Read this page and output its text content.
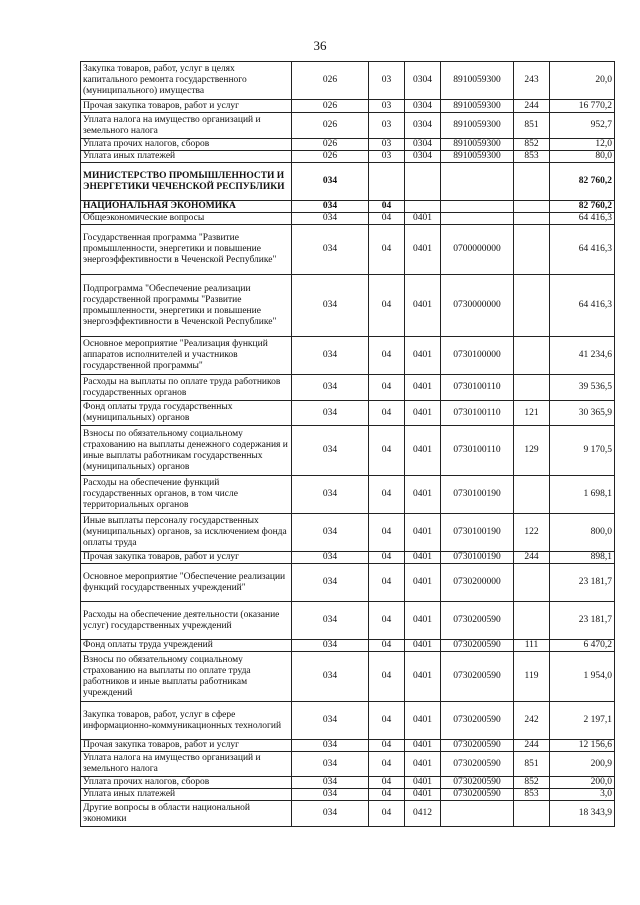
36
Закупка товаров, работ, услуг в целях капитального ремонта государственного (муниципального) имущества	026	03	0304	8910059300	243	20,0
Прочая закупка товаров, работ и услуг	026	03	0304	8910059300	244	16 770,2
Уплата налога на имущество организаций и земельного налога	026	03	0304	8910059300	851	952,7
Уплата прочих налогов, сборов	026	03	0304	8910059300	852	12,0
Уплата иных платежей	026	03	0304	8910059300	853	80,0
МИНИСТЕРСТВО ПРОМЫШЛЕННОСТИ И ЭНЕРГЕТИКИ ЧЕЧЕНСКОЙ РЕСПУБЛИКИ	034					82 760,2
НАЦИОНАЛЬНАЯ ЭКОНОМИКА	034	04				82 760,2
Общеэкономические вопросы	034	04	0401			64 416,3
Государственная программа "Развитие промышленности, энергетики и повышение энергоэффективности в Чеченской Республике"	034	04	0401	0700000000		64 416,3
Подпрограмма "Обеспечение реализации государственной программы "Развитие промышленности, энергетики и повышение энергоэффективности в Чеченской Республике"	034	04	0401	0730000000		64 416,3
Основное мероприятие "Реализация функций аппаратов исполнителей и участников государственной программы"	034	04	0401	0730100000		41 234,6
Расходы на выплаты по оплате труда работников государственных органов	034	04	0401	0730100110		39 536,5
Фонд оплаты труда государственных (муниципальных) органов	034	04	0401	0730100110	121	30 365,9
Взносы по обязательному социальному страхованию на выплаты денежного содержания и иные выплаты работникам государственных (муниципальных) органов	034	04	0401	0730100110	129	9 170,5
Расходы на обеспечение функций государственных органов, в том числе территориальных органов	034	04	0401	0730100190		1 698,1
Иные выплаты персоналу государственных (муниципальных) органов, за исключением фонда оплаты труда	034	04	0401	0730100190	122	800,0
Прочая закупка товаров, работ и услуг	034	04	0401	0730100190	244	898,1
Основное мероприятие "Обеспечение реализации функций государственных учреждений"	034	04	0401	0730200000		23 181,7
Расходы на обеспечение деятельности (оказание услуг) государственных учреждений	034	04	0401	0730200590		23 181,7
Фонд оплаты труда учреждений	034	04	0401	0730200590	111	6 470,2
Взносы по обязательному социальному страхованию на выплаты по оплате труда работников и иные выплаты работникам учреждений	034	04	0401	0730200590	119	1 954,0
Закупка товаров, работ, услуг в сфере информационно-коммуникационных технологий	034	04	0401	0730200590	242	2 197,1
Прочая закупка товаров, работ и услуг	034	04	0401	0730200590	244	12 156,6
Уплата налога на имущество организаций и земельного налога	034	04	0401	0730200590	851	200,9
Уплата прочих налогов, сборов	034	04	0401	0730200590	852	200,0
Уплата иных платежей	034	04	0401	0730200590	853	3,0
Другие вопросы в области национальной экономики	034	04	0412			18 343,9
